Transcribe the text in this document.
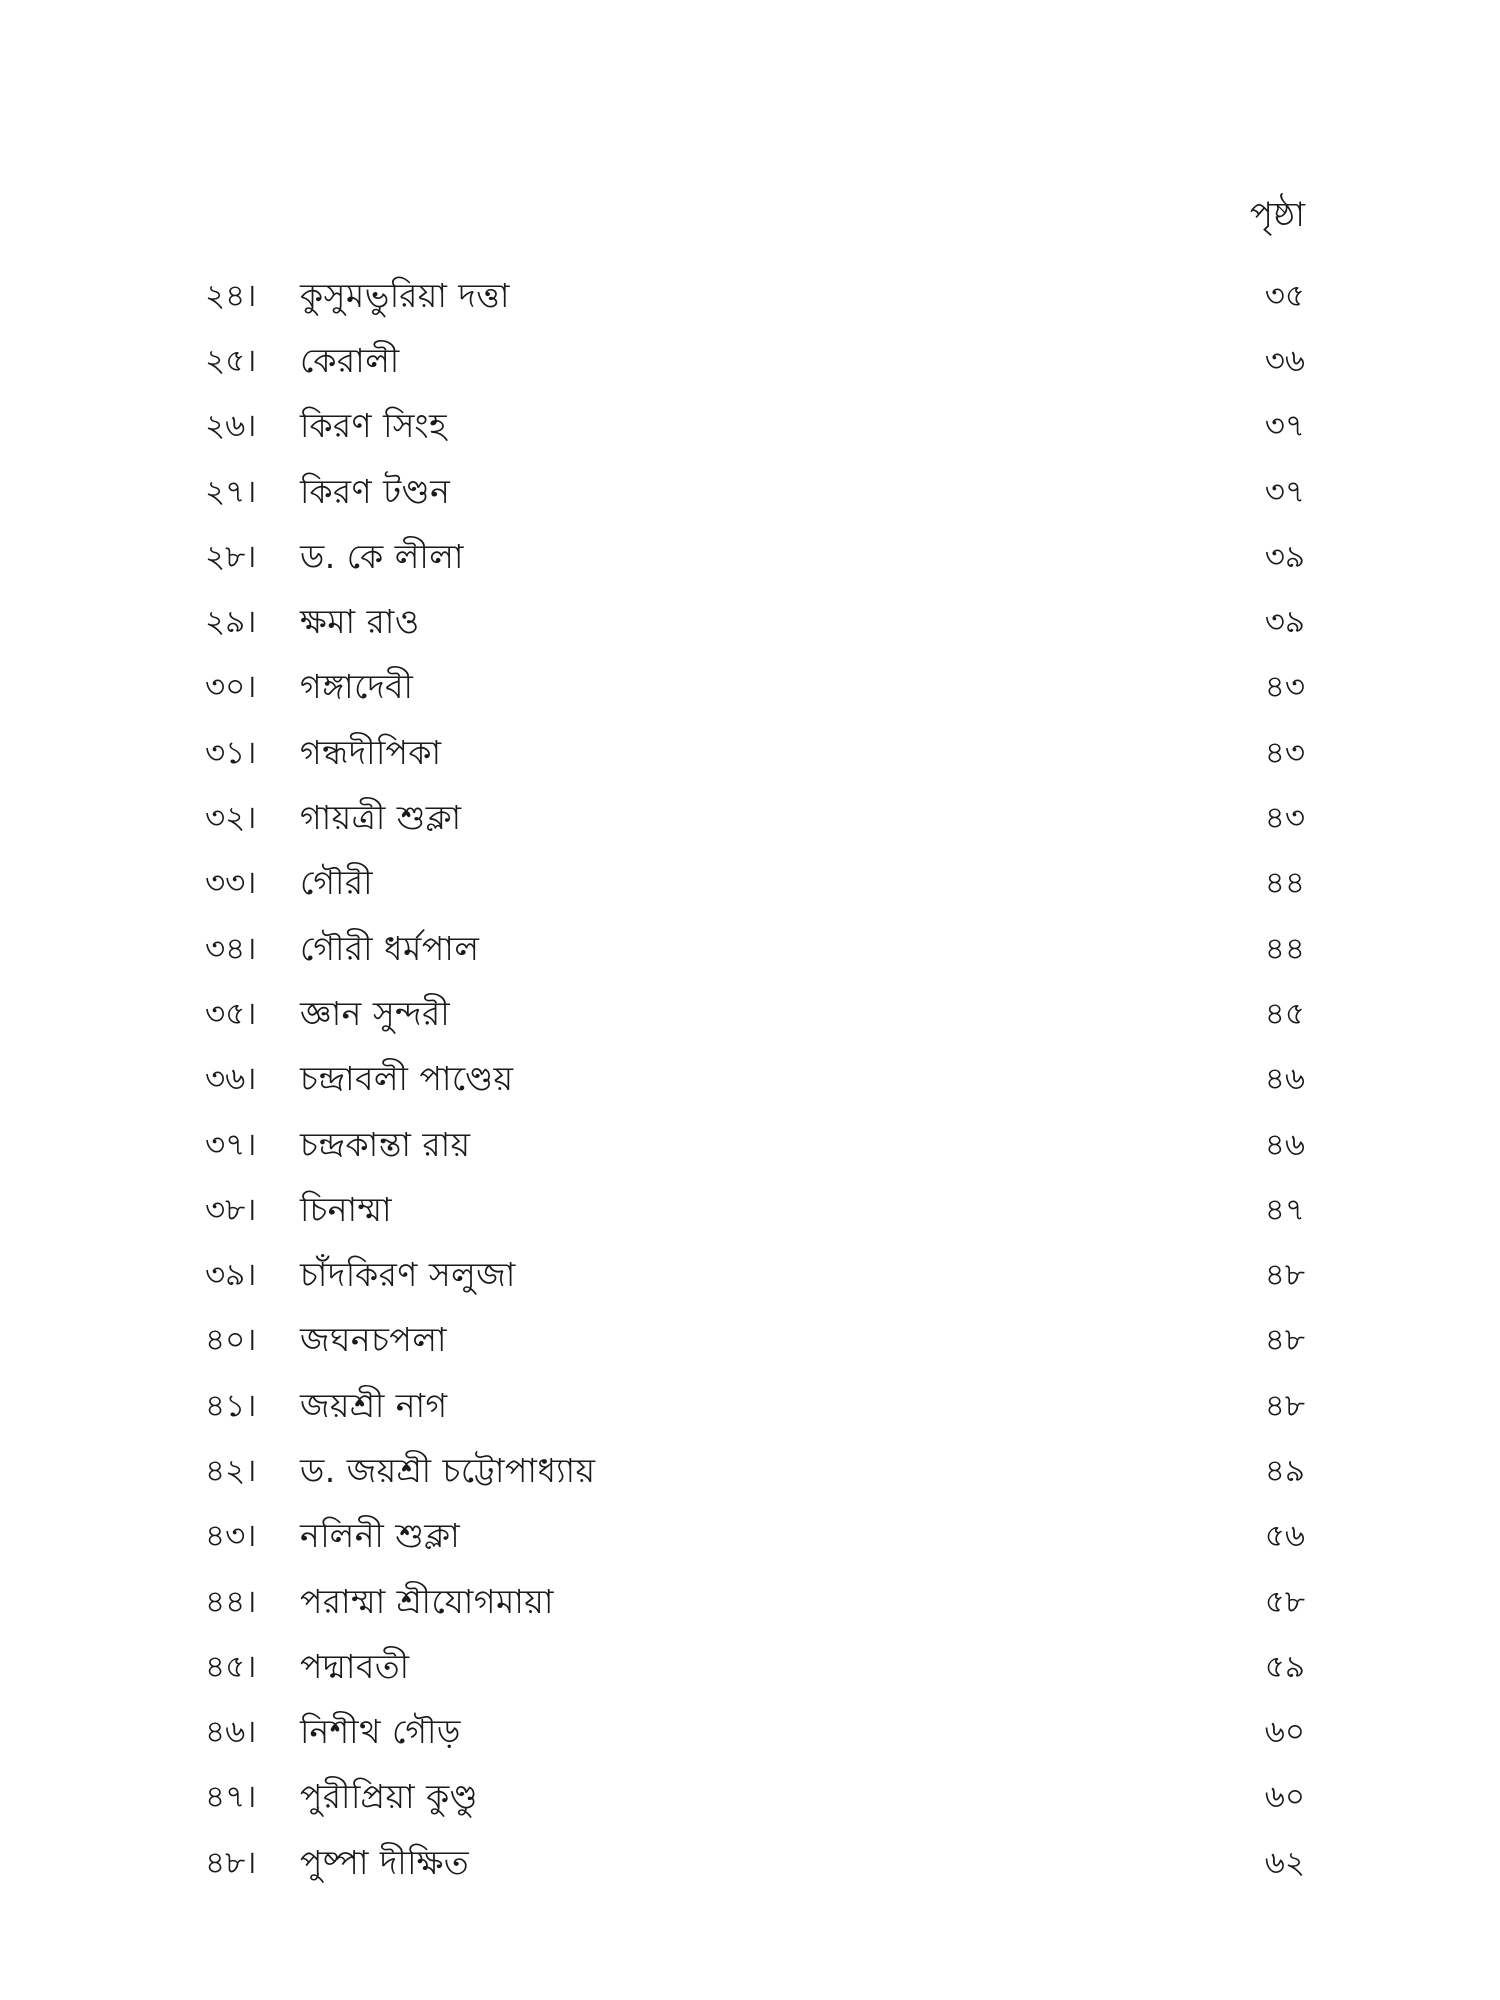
পৃষ্ঠা
২৪।	কুসুমভুরিয়া দত্তা	৩৫
২৫।	কেরালী	৩৬
২৬।	কিরণ সিংহ	৩৭
২৭।	কিরণ টণ্ডন	৩৭
২৮।	ড. কে লীলা	৩৯
২৯।	ক্ষমা রাও	৩৯
৩০।	গঙ্গাদেবী	৪৩
৩১।	গন্ধদীপিকা	৪৩
৩২।	গায়ত্রী শুক্লা	৪৩
৩৩।	গৌরী	৪৪
৩৪।	গৌরী ধর্মপাল	৪৪
৩৫।	জ্ঞান সুন্দরী	৪৫
৩৬।	চন্দ্রাবলী পাণ্ডেয়	৪৬
৩৭।	চন্দ্রকান্তা রায়	৪৬
৩৮।	চিনাম্মা	৪৭
৩৯।	চাঁদকিরণ সলুজা	৪৮
৪০।	জঘনচপলা	৪৮
৪১।	জয়শ্রী নাগ	৪৮
৪২।	ড. জয়শ্রী চট্টোপাধ্যায়	৪৯
৪৩।	নলিনী শুক্লা	৫৬
৪৪।	পরাম্মা শ্রীযোগমায়া	৫৮
৪৫।	পদ্মাবতী	৫৯
৪৬।	নিশীথ গৌড়	৬০
৪৭।	পুরীপ্রিয়া কুণ্ডু	৬০
৪৮।	পুষ্পা দীক্ষিত	৬২
